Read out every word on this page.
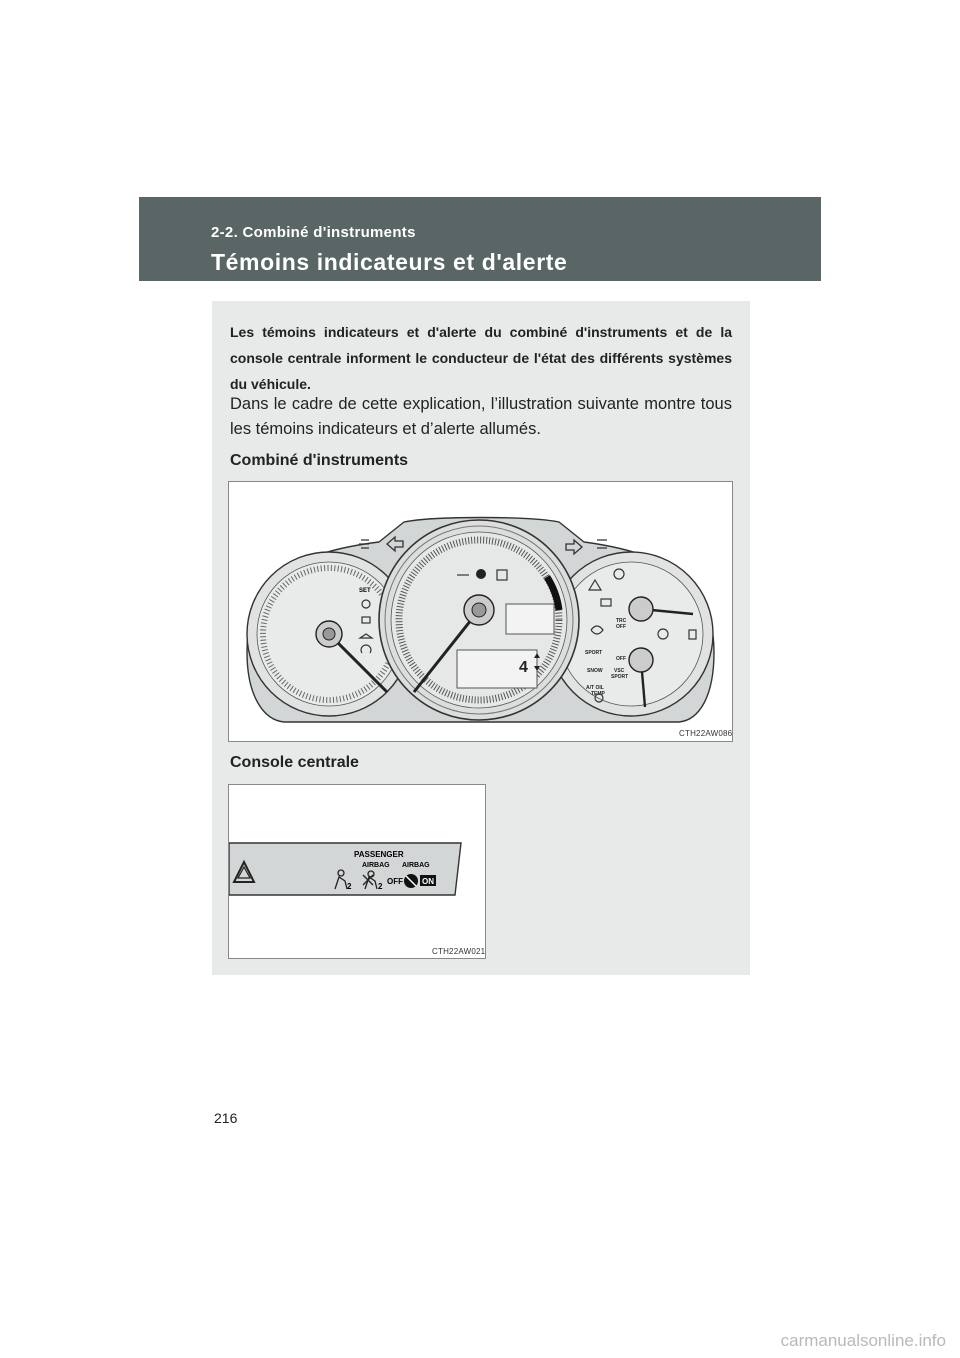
2-2. Combiné d'instruments
Témoins indicateurs et d'alerte
Les témoins indicateurs et d'alerte du combiné d'instruments et de la console centrale informent le conducteur de l'état des différents systèmes du véhicule.
Dans le cadre de cette explication, l’illustration suivante montre tous les témoins indicateurs et d’alerte allumés.
Combiné d'instruments
SET
TRC
OFF
OFF
SPORT
SNOW VSC
SPORT
A/T OIL
TEMP
4
CTH22AW086
Console centrale
PASSENGER
AIRBAG AIRBAG
2	2
OFF ON
CTH22AW021
216
carmanualsonline.info
